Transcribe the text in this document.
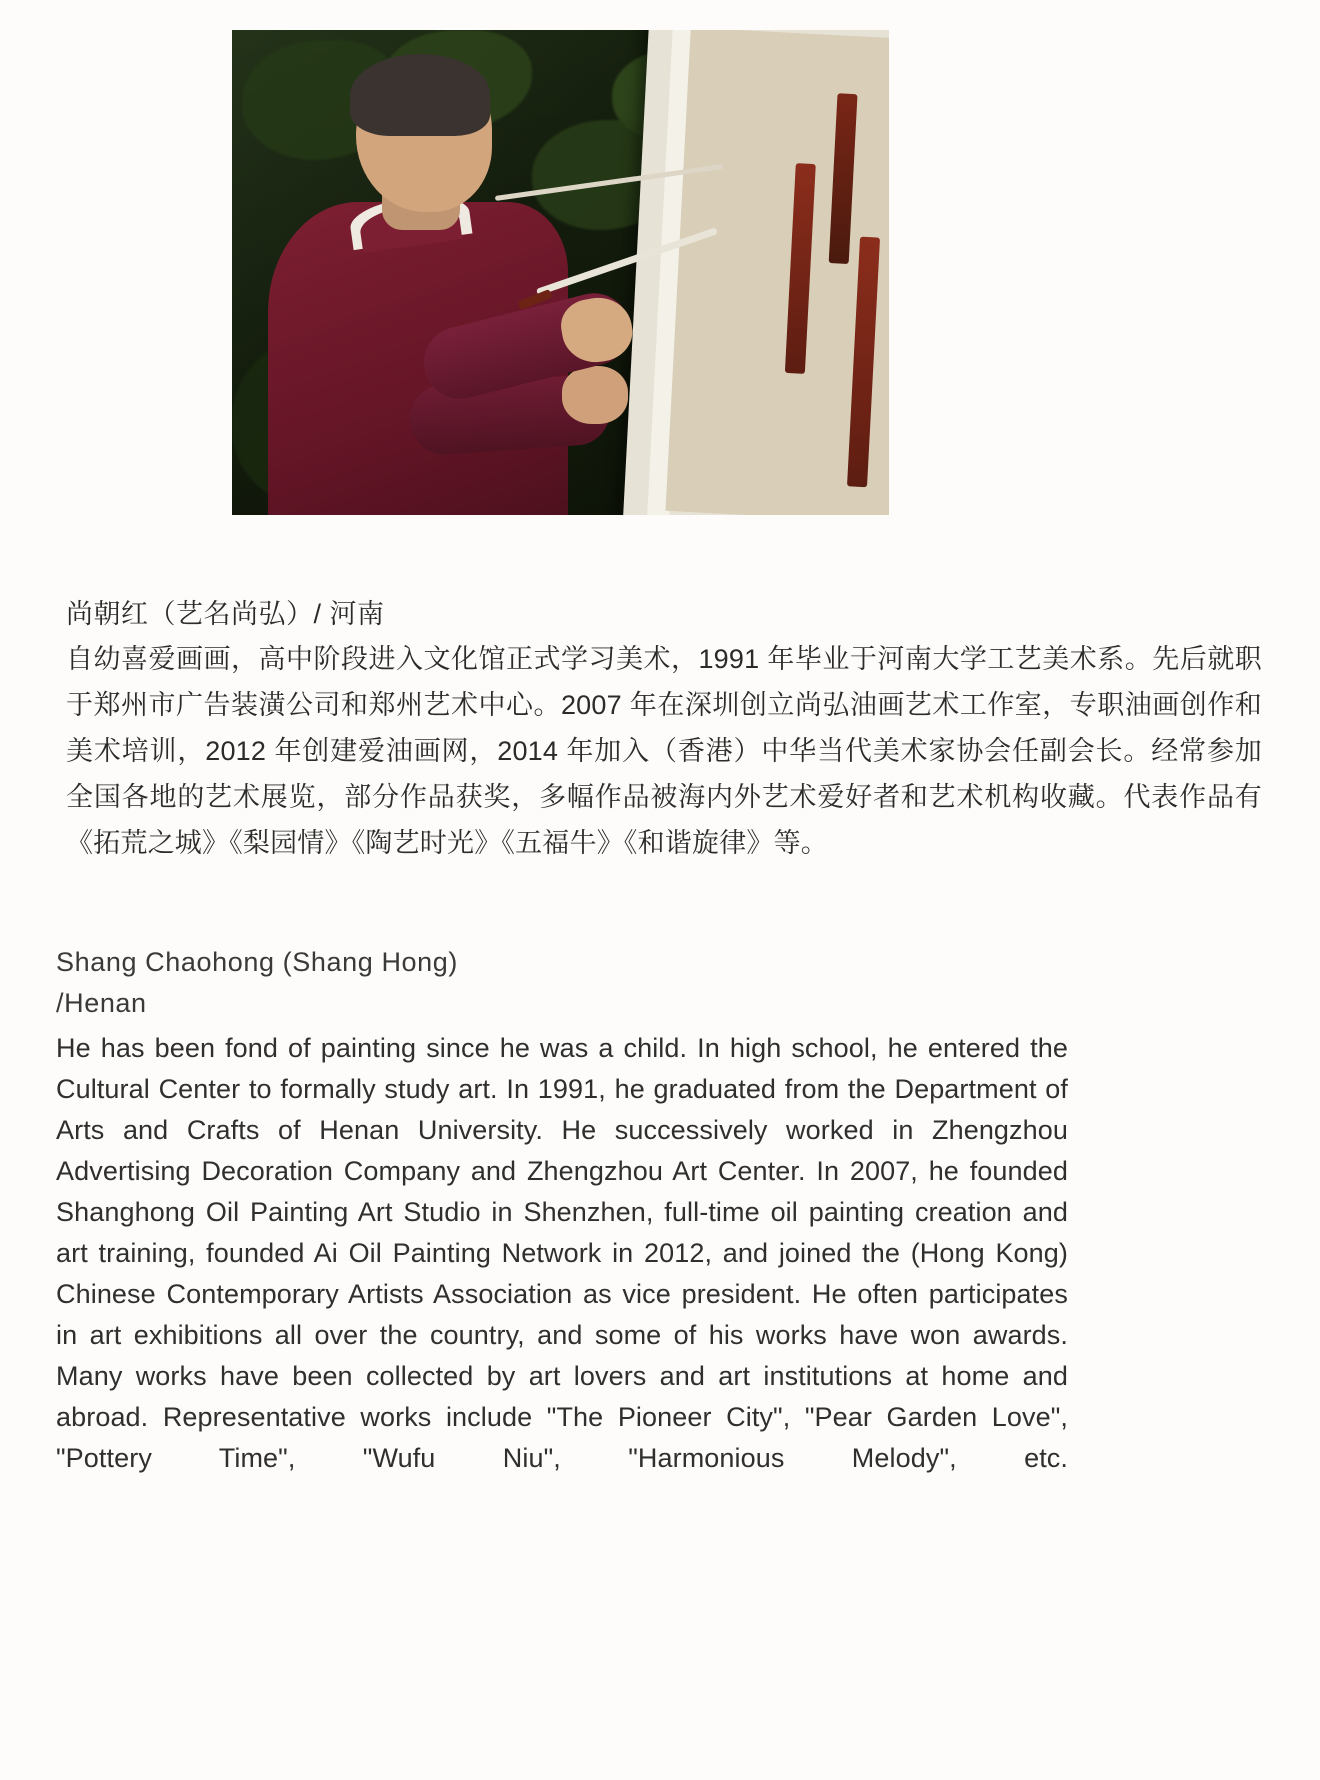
尚朝红（艺名尚弘）/ 河南
自幼喜爱画画，高中阶段进入文化馆正式学习美术，1991 年毕业于河南大学工艺美术系。先后就职于郑州市广告装潢公司和郑州艺术中心。2007 年在深圳创立尚弘油画艺术工作室，专职油画创作和美术培训，2012 年创建爱油画网，2014 年加入（香港）中华当代美术家协会任副会长。经常参加全国各地的艺术展览，部分作品获奖，多幅作品被海内外艺术爱好者和艺术机构收藏。代表作品有《拓荒之城》《梨园情》《陶艺时光》《五福牛》《和谐旋律》等。
Shang Chaohong (Shang Hong)
/Henan
He has been fond of painting since he was a child. In high school, he entered the Cultural Center to formally study art. In 1991, he graduated from the Department of Arts and Crafts of Henan University. He successively worked in Zhengzhou Advertising Decoration Company and Zhengzhou Art Center. In 2007, he founded Shanghong Oil Painting Art Studio in Shenzhen, full-time oil painting creation and art training, founded Ai Oil Painting Network in 2012, and joined the (Hong Kong) Chinese Contemporary Artists Association as vice president. He often participates in art exhibitions all over the country, and some of his works have won awards. Many works have been collected by art lovers and art institutions at home and abroad. Representative works include "The Pioneer City", "Pear Garden Love", "Pottery Time", "Wufu Niu", "Harmonious Melody", etc.
